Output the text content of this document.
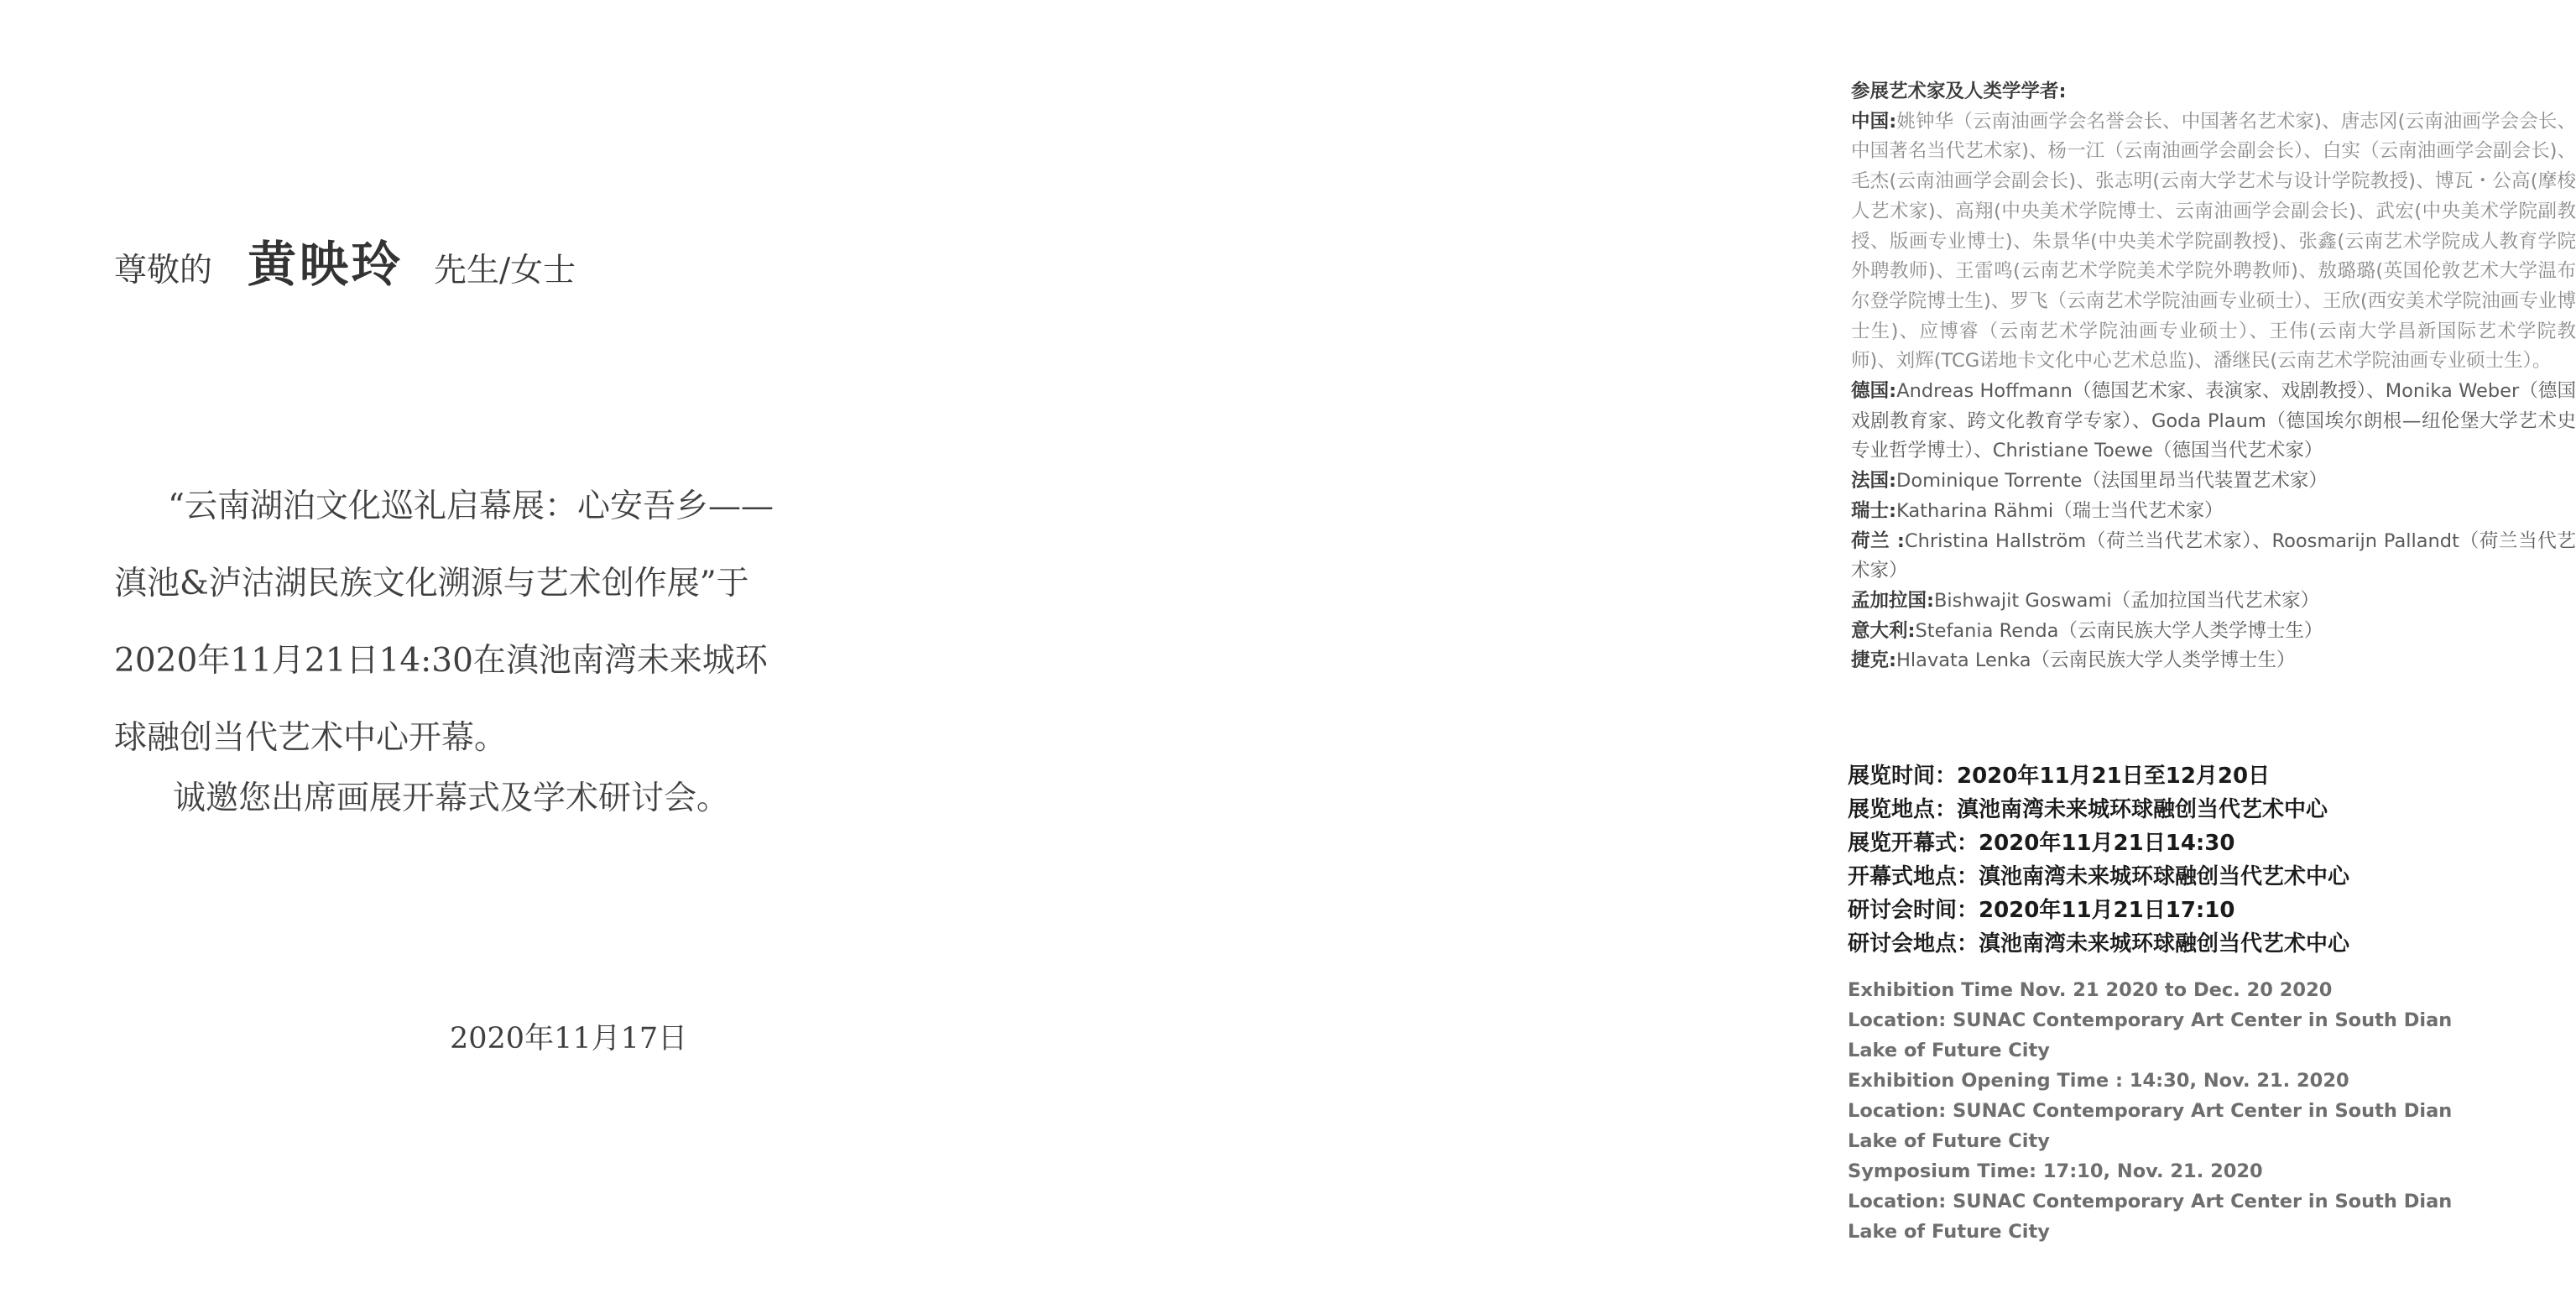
尊敬的 黄映玲 先生/女士
“云南湖泊文化巡礼启幕展：心安吾乡——滇池&泸沽湖民族文化溯源与艺术创作展”于2020年11月21日14:30在滇池南湾未来城环球融创当代艺术中心开幕。
诚邀您出席画展开幕式及学术研讨会。
2020年11月17日

参展艺术家及人类学学者:

中国:姚钟华（云南油画学会名誉会长、中国著名艺术家)、唐志冈(云南油画学会会长、中国著名当代艺术家)、杨一江（云南油画学会副会长）、白实（云南油画学会副会长)、毛杰(云南油画学会副会长)、张志明(云南大学艺术与设计学院教授)、博瓦・公高(摩梭人艺术家)、高翔(中央美术学院博士、云南油画学会副会长)、武宏(中央美术学院副教授、版画专业博士)、朱景华(中央美术学院副教授)、张鑫(云南艺术学院成人教育学院外聘教师)、王雷鸣(云南艺术学院美术学院外聘教师)、敖璐璐(英国伦敦艺术大学温布尔登学院博士生)、罗飞（云南艺术学院油画专业硕士）、王欣(西安美术学院油画专业博士生)、应博睿（云南艺术学院油画专业硕士）、王伟(云南大学昌新国际艺术学院教师)、刘辉(TCG诺地卡文化中心艺术总监)、潘继民(云南艺术学院油画专业硕士生）。

德国:Andreas Hoffmann（德国艺术家、表演家、戏剧教授）、Monika Weber（德国戏剧教育家、跨文化教育学专家）、Goda Plaum（德国埃尔朗根—纽伦堡大学艺术史专业哲学博士）、Christiane Toewe（德国当代艺术家）

法国:Dominique Torrente（法国里昂当代装置艺术家）

瑞士:Katharina Rähmi（瑞士当代艺术家）

荷兰 :Christina Hallström（荷兰当代艺术家）、Roosmarijn Pallandt（荷兰当代艺术家）

孟加拉国:Bishwajit Goswami（孟加拉国当代艺术家）

意大利:Stefania Renda（云南民族大学人类学博士生）

捷克:Hlavata Lenka（云南民族大学人类学博士生）

展览时间：2020年11月21日至12月20日
展览地点：滇池南湾未来城环球融创当代艺术中心
展览开幕式：2020年11月21日14:30
开幕式地点：滇池南湾未来城环球融创当代艺术中心
研讨会时间：2020年11月21日17:10
研讨会地点：滇池南湾未来城环球融创当代艺术中心
Exhibition Time Nov. 21 2020 to Dec. 20 2020
Location: SUNAC Contemporary Art Center in South Dian
Lake of Future City
Exhibition Opening Time : 14:30, Nov. 21. 2020
Location: SUNAC Contemporary Art Center in South Dian
Lake of Future City
Symposium Time: 17:10, Nov. 21. 2020
Location: SUNAC Contemporary Art Center in South Dian
Lake of Future City
